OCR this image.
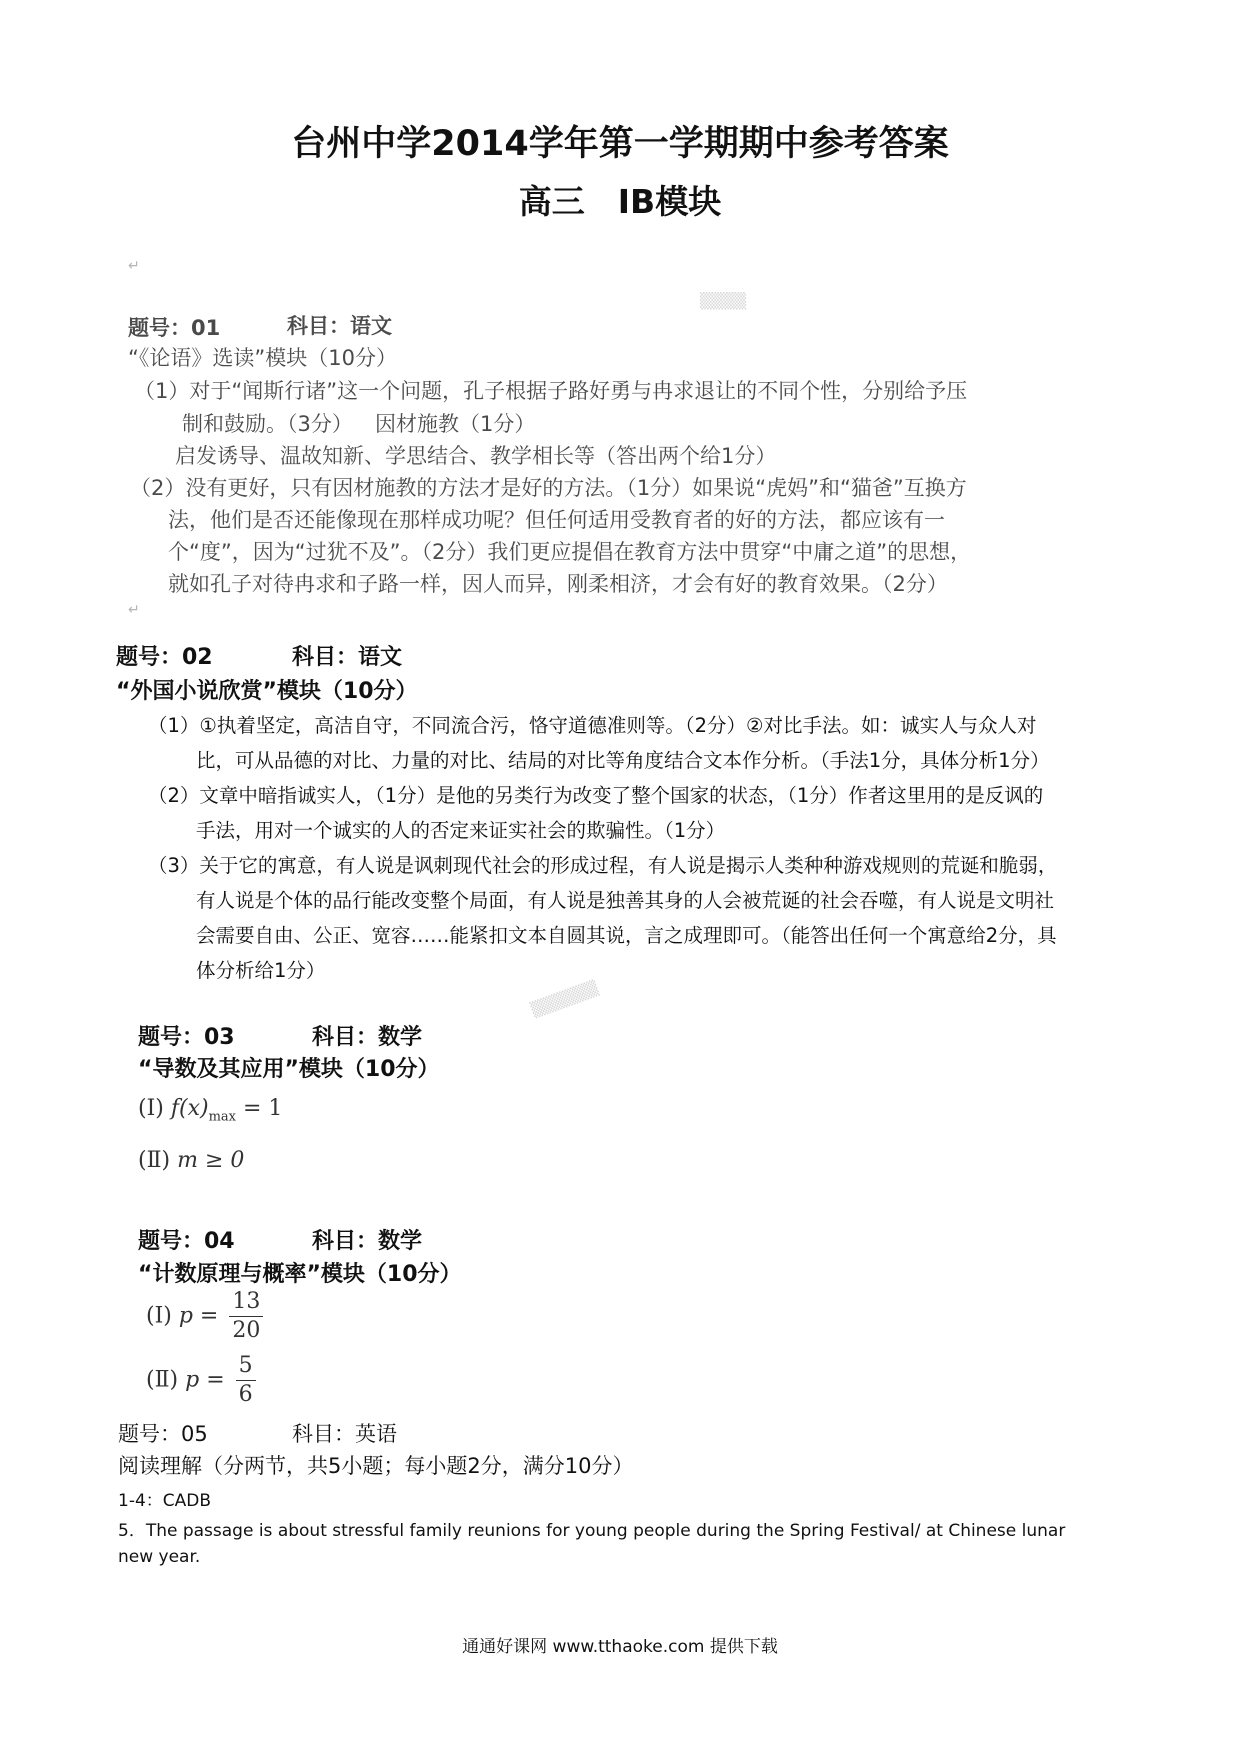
台州中学2014学年第一学期期中参考答案
高三　IB模块
▒▒▒▒
▒▒▒▒▒▒
↵
题号：01	科目：语文
“《论语》选读”模块（10分）
（1）对于“闻斯行诸”这一个问题，孔子根据子路好勇与冉求退让的不同个性，分别给予压
制和鼓励。（3分） 因材施教（1分）
启发诱导、温故知新、学思结合、教学相长等（答出两个给1分）
（2）没有更好，只有因材施教的方法才是好的方法。（1分）如果说“虎妈”和“猫爸”互换方
法，他们是否还能像现在那样成功呢？但任何适用受教育者的好的方法，都应该有一
个“度”，因为“过犹不及”。（2分）我们更应提倡在教育方法中贯穿“中庸之道”的思想，
就如孔子对待冉求和子路一样，因人而异，刚柔相济，才会有好的教育效果。（2分）
↵
题号：02	科目：语文
“外国小说欣赏”模块（10分）
（1）①执着坚定，高洁自守，不同流合污，恪守道德准则等。（2分）②对比手法。如：诚实人与众人对
比，可从品德的对比、力量的对比、结局的对比等角度结合文本作分析。（手法1分，具体分析1分）
（2）文章中暗指诚实人，（1分）是他的另类行为改变了整个国家的状态，（1分）作者这里用的是反讽的
手法，用对一个诚实的人的否定来证实社会的欺骗性。（1分）
（3）关于它的寓意，有人说是讽刺现代社会的形成过程，有人说是揭示人类种种游戏规则的荒诞和脆弱，
有人说是个体的品行能改变整个局面，有人说是独善其身的人会被荒诞的社会吞噬，有人说是文明社
会需要自由、公正、宽容……能紧扣文本自圆其说，言之成理即可。（能答出任何一个寓意给2分，具
体分析给1分）
题号：03	科目：数学
“导数及其应用”模块（10分）
(Ⅰ) $f(x)_{max} = 1$
(Ⅱ) m ≥ 0
题号：04	科目：数学
“计数原理与概率”模块（10分）
(Ⅰ) $p = \frac{13}{20}$
(Ⅱ) $p = \frac{5}{6}$
题号：05	科目：英语
阅读理解（分两节，共5小题；每小题2分，满分10分）
1-4：CADB
5．The passage is about stressful family reunions for young people during the Spring Festival/ at Chinese lunar
new year.
通通好课网 www.tthaoke.com 提供下载
